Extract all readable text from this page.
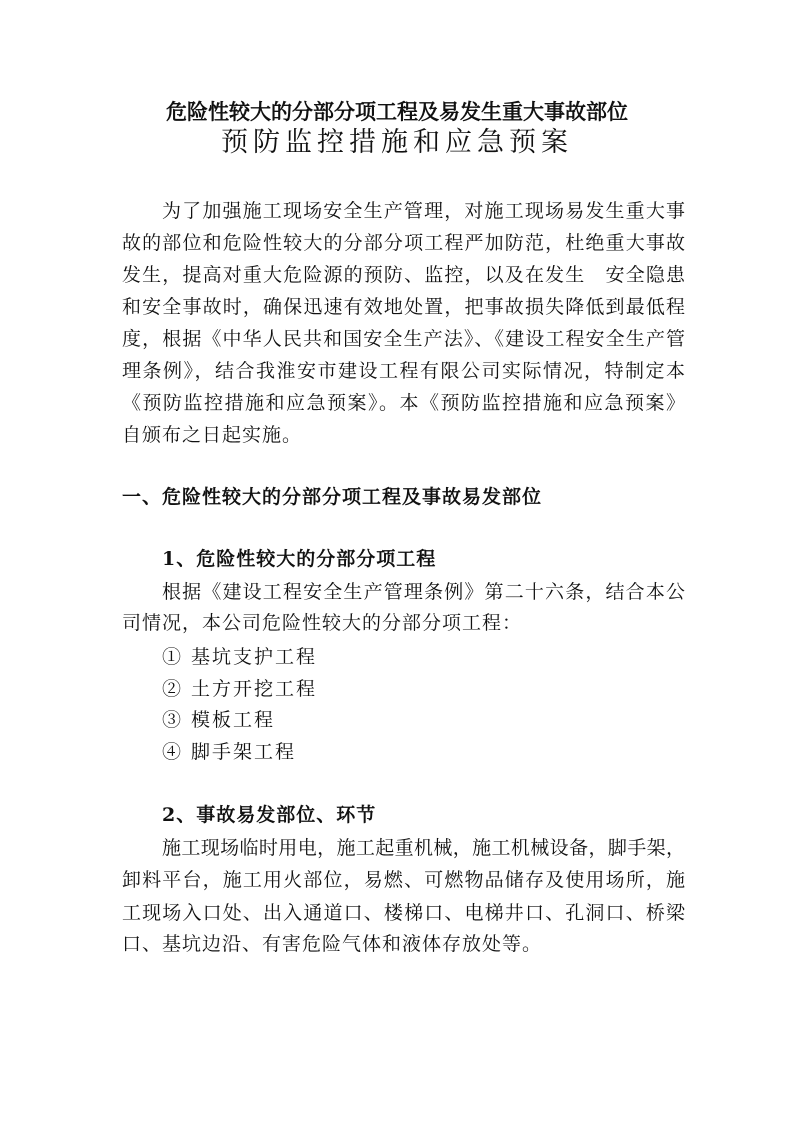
危险性较大的分部分项工程及易发生重大事故部位
预防监控措施和应急预案
为了加强施工现场安全生产管理，对施工现场易发生重大事
故的部位和危险性较大的分部分项工程严加防范，杜绝重大事故
发生，提高对重大危险源的预防、监控，以及在发生　安全隐患
和安全事故时，确保迅速有效地处置，把事故损失降低到最低程
度，根据《中华人民共和国安全生产法》、《建设工程安全生产管
理条例》，结合我淮安市建设工程有限公司实际情况，特制定本
《预防监控措施和应急预案》。本《预防监控措施和应急预案》
自颁布之日起实施。
一、危险性较大的分部分项工程及事故易发部位
1、危险性较大的分部分项工程
根据《建设工程安全生产管理条例》第二十六条，结合本公
司情况，本公司危险性较大的分部分项工程：
① 基坑支护工程
② 土方开挖工程
③ 模板工程
④ 脚手架工程
2、事故易发部位、环节
施工现场临时用电，施工起重机械，施工机械设备，脚手架，
卸料平台，施工用火部位，易燃、可燃物品储存及使用场所，施
工现场入口处、出入通道口、楼梯口、电梯井口、孔洞口、桥梁
口、基坑边沿、有害危险气体和液体存放处等。
